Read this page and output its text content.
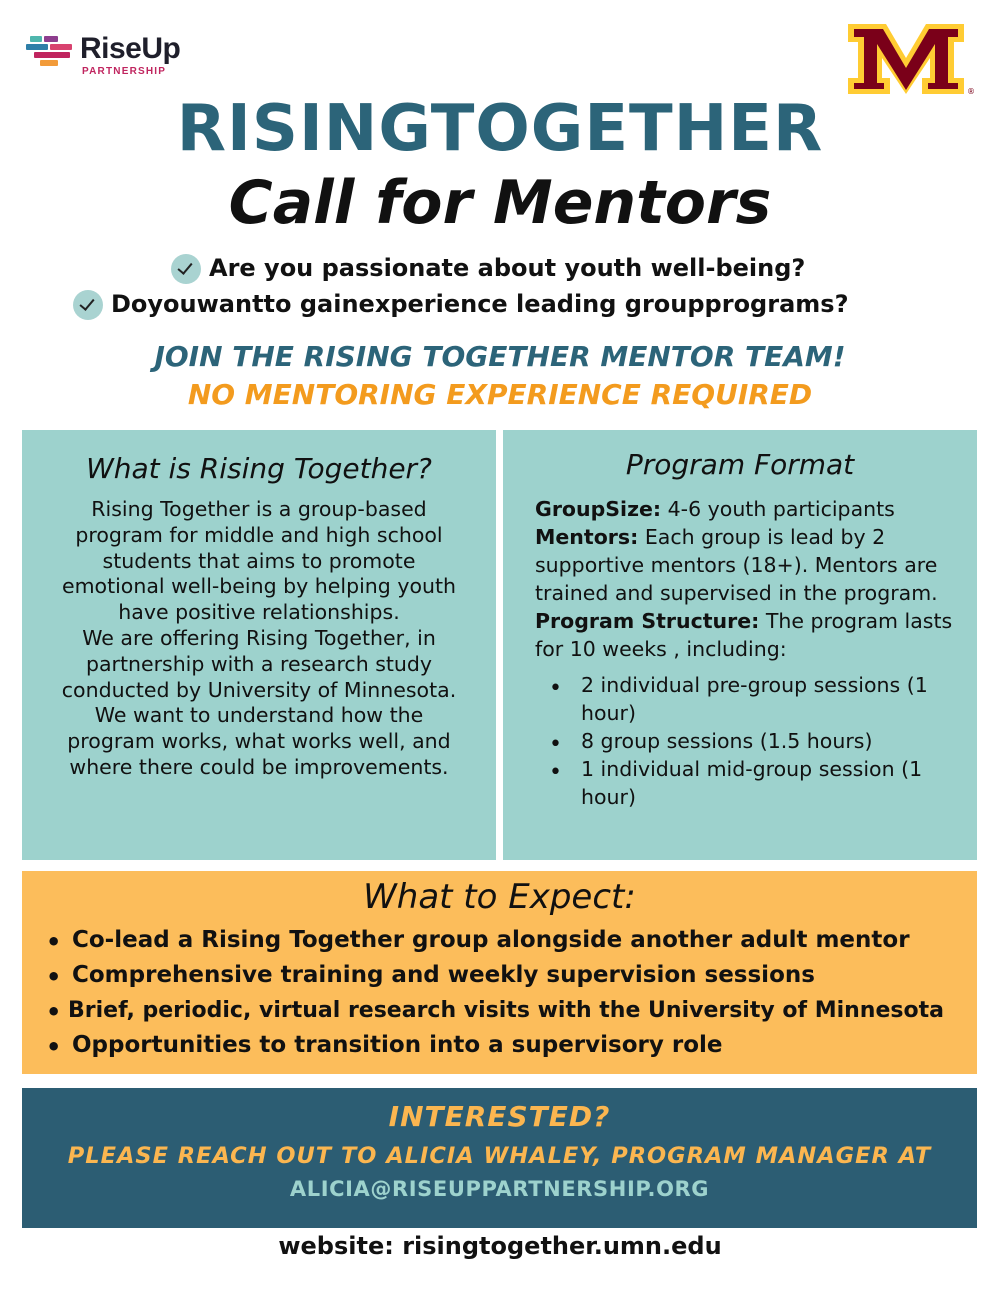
RiseUp
PARTNERSHIP
®
RISINGTOGETHER
Call for Mentors
Are you passionate about youth well-being?
Doyouwantto gainexperience leading groupprograms?
JOIN THE RISING TOGETHER MENTOR TEAM!
NO MENTORING EXPERIENCE REQUIRED
What is Rising Together?
Rising Together is a group-based
program for middle and high school
students that aims to promote
emotional well-being by helping youth
have positive relationships.
We are offering Rising Together, in
partnership with a research study
conducted by University of Minnesota.
We want to understand how the
program works, what works well, and
where there could be improvements.
Program Format
GroupSize: 4-6 youth participants
Mentors: Each group is lead by 2 supportive mentors (18+). Mentors are trained and supervised in the program.
Program Structure: The program lasts for 10 weeks , including:
• 2 individual pre-group sessions (1 hour)
• 8 group sessions (1.5 hours)
• 1 individual mid-group session (1 hour)
What to Expect:
• Co-lead a Rising Together group alongside another adult mentor
• Comprehensive training and weekly supervision sessions
• Brief, periodic, virtual research visits with the University of Minnesota
• Opportunities to transition into a supervisory role
INTERESTED?
PLEASE REACH OUT TO ALICIA WHALEY, PROGRAM MANAGER AT
ALICIA@RISEUPPARTNERSHIP.ORG
website: risingtogether.umn.edu
